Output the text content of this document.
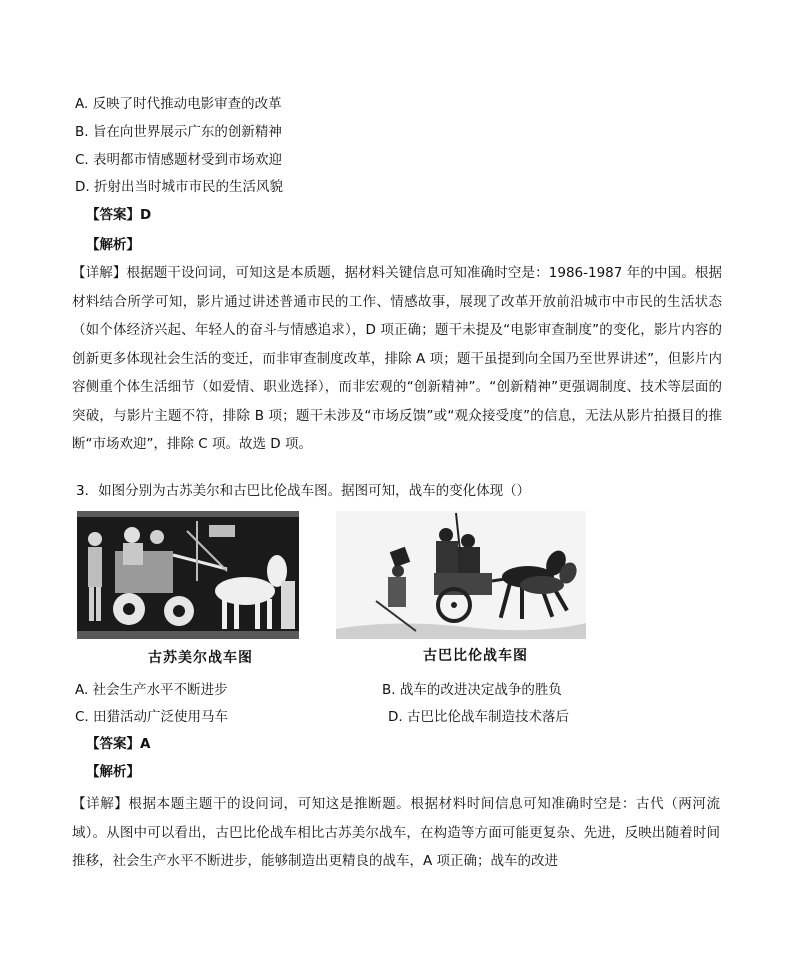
A. 反映了时代推动电影审查的改革
B. 旨在向世界展示广东的创新精神
C. 表明都市情感题材受到市场欢迎
D. 折射出当时城市市民的生活风貌
【答案】D
【解析】
【详解】根据题干设问词，可知这是本质题，据材料关键信息可知准确时空是：1986-1987 年的中国。根据材料结合所学可知，影片通过讲述普通市民的工作、情感故事，展现了改革开放前沿城市中市民的生活状态（如个体经济兴起、年轻人的奋斗与情感追求），D 项正确；题干未提及“电影审查制度”的变化，影片内容的创新更多体现社会生活的变迁，而非审查制度改革，排除 A 项；题干虽提到向全国乃至世界讲述”，但影片内容侧重个体生活细节（如爱情、职业选择），而非宏观的“创新精神”。“创新精神”更强调制度、技术等层面的突破，与影片主题不符，排除 B 项；题干未涉及“市场反馈”或“观众接受度”的信息，无法从影片拍摄目的推断“市场欢迎”，排除 C 项。故选 D 项。
3．如图分别为古苏美尔和古巴比伦战车图。据图可知，战车的变化体现（）
古苏美尔战车图	古巴比伦战车图
A. 社会生产水平不断进步	B. 战车的改进决定战争的胜负
C. 田猎活动广泛使用马车	D. 古巴比伦战车制造技术落后
【答案】A
【解析】
【详解】根据本题主题干的设问词，可知这是推断题。根据材料时间信息可知准确时空是：古代（两河流域）。从图中可以看出，古巴比伦战车相比古苏美尔战车，在构造等方面可能更复杂、先进，反映出随着时间推移，社会生产水平不断进步，能够制造出更精良的战车，A 项正确；战车的改进
